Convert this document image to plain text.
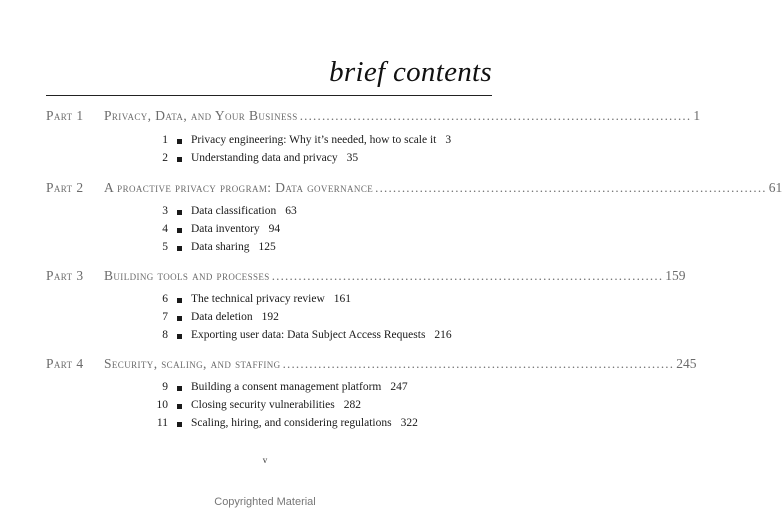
brief contents
Part 1	Privacy, Data, and Your Business ........................................................................................ 1
1 Privacy engineering: Why it’s needed, how to scale it 3
2 Understanding data and privacy 35
Part 2	A proactive privacy program: Data governance ........................................................................................ 61
3 Data classification 63
4 Data inventory 94
5 Data sharing 125
Part 3	Building tools and processes ........................................................................................ 159
6 The technical privacy review 161
7 Data deletion 192
8 Exporting user data: Data Subject Access Requests 216
Part 4	Security, scaling, and staffing ........................................................................................ 245
9 Building a consent management platform 247
10 Closing security vulnerabilities 282
11 Scaling, hiring, and considering regulations 322
v
Copyrighted Material
